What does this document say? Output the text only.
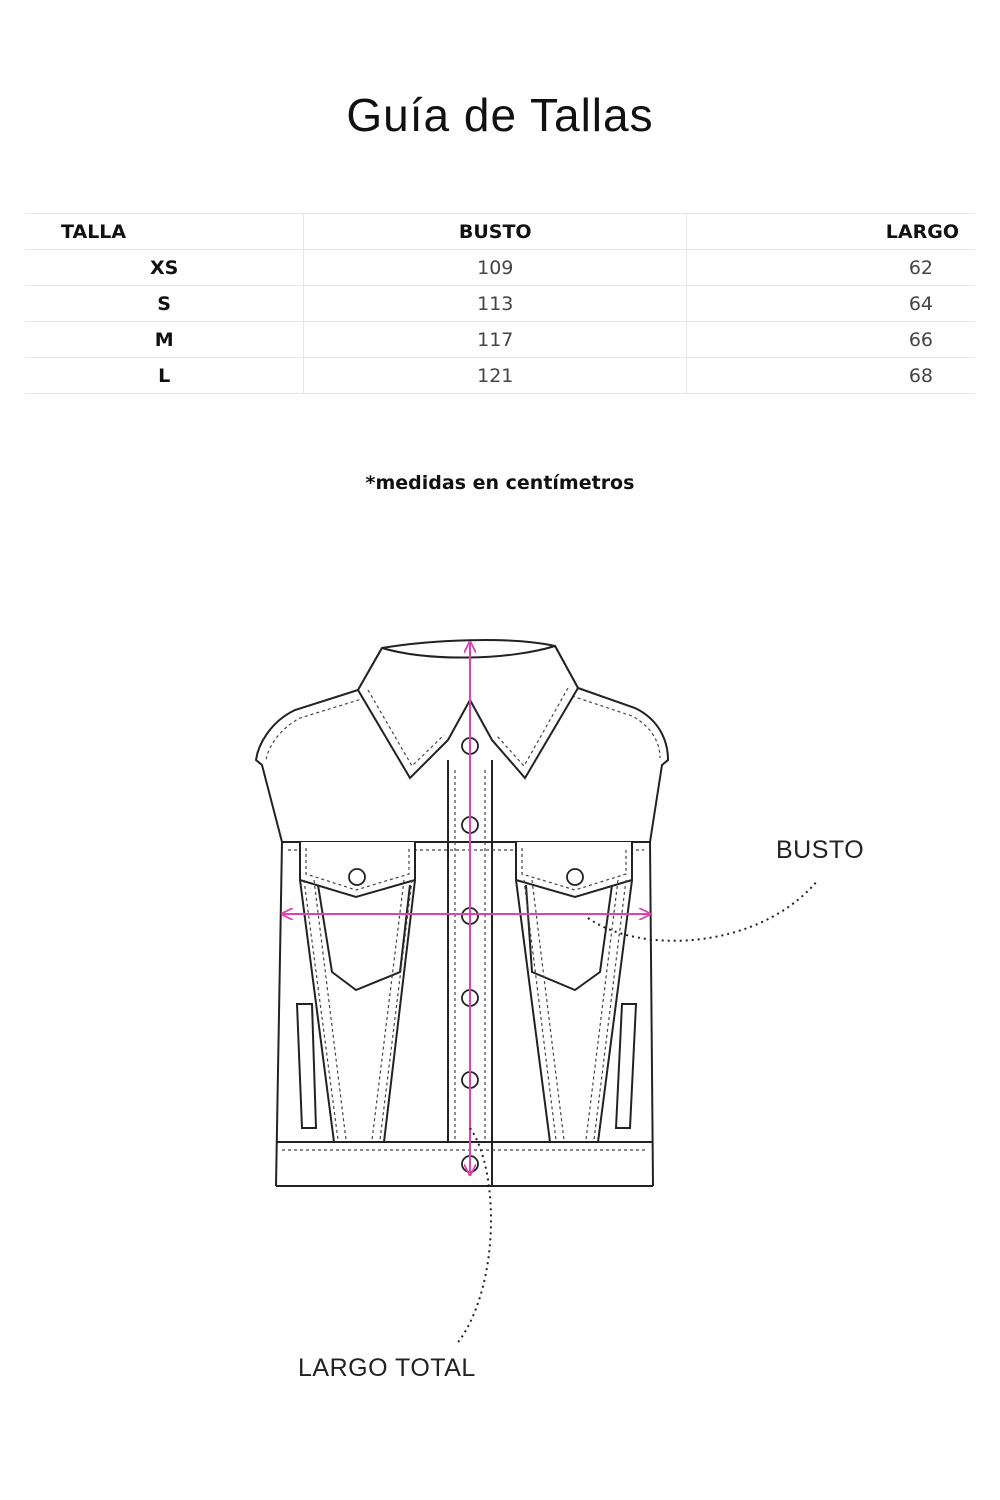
Guía de Tallas
TALLA	BUSTO	LARGO
XS	109	62
S	113	64
M	117	66
L	121	68
*medidas en centímetros
BUSTO
LARGO TOTAL
